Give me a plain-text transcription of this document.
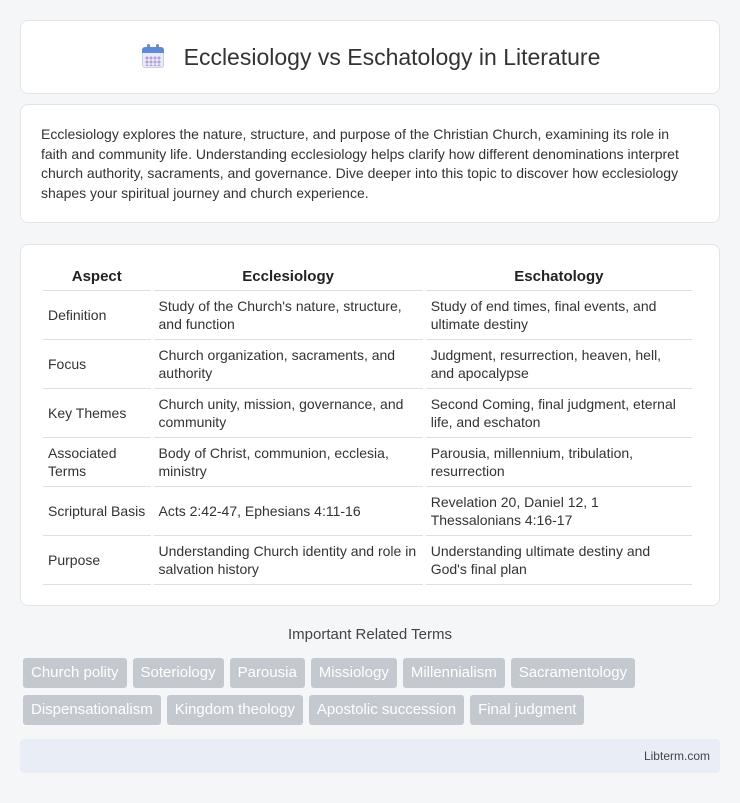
Ecclesiology vs Eschatology in Literature

Ecclesiology explores the nature, structure, and purpose of the Christian Church, examining its role in faith and community life. Understanding ecclesiology helps clarify how different denominations interpret church authority, sacraments, and governance. Dive deeper into this topic to discover how ecclesiology shapes your spiritual journey and church experience.

Aspect	Ecclesiology	Eschatology
Definition	Study of the Church's nature, structure, and function	Study of end times, final events, and ultimate destiny
Focus	Church organization, sacraments, and authority	Judgment, resurrection, heaven, hell, and apocalypse
Key Themes	Church unity, mission, governance, and community	Second Coming, final judgment, eternal life, and eschaton
Associated Terms	Body of Christ, communion, ecclesia, ministry	Parousia, millennium, tribulation, resurrection
Scriptural Basis	Acts 2:42-47, Ephesians 4:11-16	Revelation 20, Daniel 12, 1 Thessalonians 4:16-17
Purpose	Understanding Church identity and role in salvation history	Understanding ultimate destiny and God's final plan
Important Related Terms
Church polity	Soteriology	Parousia	Missiology	Millennialism	Sacramentology
Dispensationalism	Kingdom theology	Apostolic succession	Final judgment
Libterm.com
